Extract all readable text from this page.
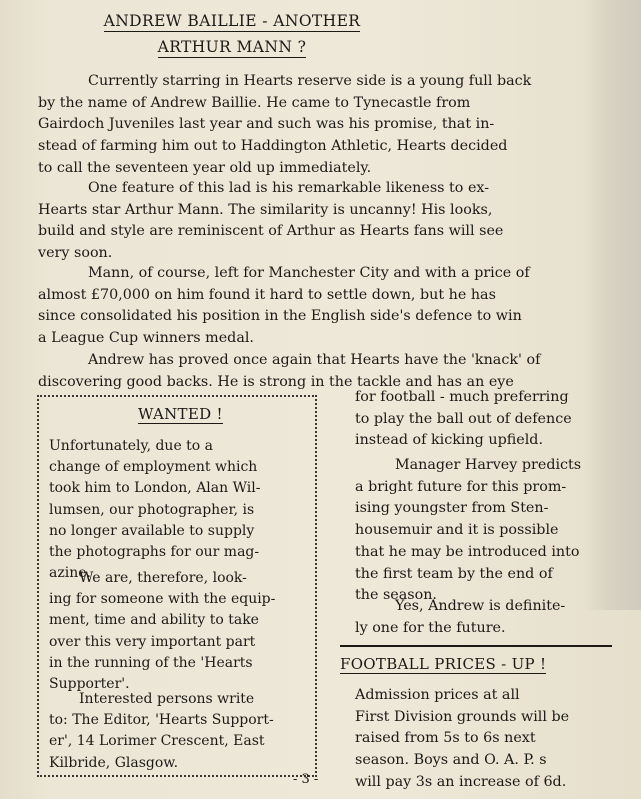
ANDREW BAILLIE - ANOTHER
ARTHUR MANN ?

Currently starring in Hearts reserve side is a young full back
by the name of Andrew Baillie. He came to Tynecastle from
Gairdoch Juveniles last year and such was his promise, that in-
stead of farming him out to Haddington Athletic, Hearts decided
to call the seventeen year old up immediately.

One feature of this lad is his remarkable likeness to ex-
Hearts star Arthur Mann. The similarity is uncanny! His looks,
build and style are reminiscent of Arthur as Hearts fans will see
very soon.

Mann, of course, left for Manchester City and with a price of
almost £70,000 on him found it hard to settle down, but he has
since consolidated his position in the English side's defence to win
a League Cup winners medal.

Andrew has proved once again that Hearts have the 'knack' of
discovering good backs. He is strong in the tackle and has an eye

WANTED !

Unfortunately, due to a
change of employment which
took him to London, Alan Wil-
lumsen, our photographer, is
no longer available to supply
the photographs for our mag-
azine.

We are, therefore, look-
ing for someone with the equip-
ment, time and ability to take
over this very important part
in the running of the 'Hearts
Supporter'.

Interested persons write
to: The Editor, 'Hearts Support-
er', 14 Lorimer Crescent, East
Kilbride, Glasgow.

for football - much preferring
to play the ball out of defence
instead of kicking upfield.

Manager Harvey predicts
a bright future for this prom-
ising youngster from Sten-
housemuir and it is possible
that he may be introduced into
the first team by the end of
the season.

Yes, Andrew is definite-
ly one for the future.

FOOTBALL PRICES - UP !

Admission prices at all
First Division grounds will be
raised from 5s to 6s next
season. Boys and O. A. P. s
will pay 3s an increase of 6d.

- 3 -
